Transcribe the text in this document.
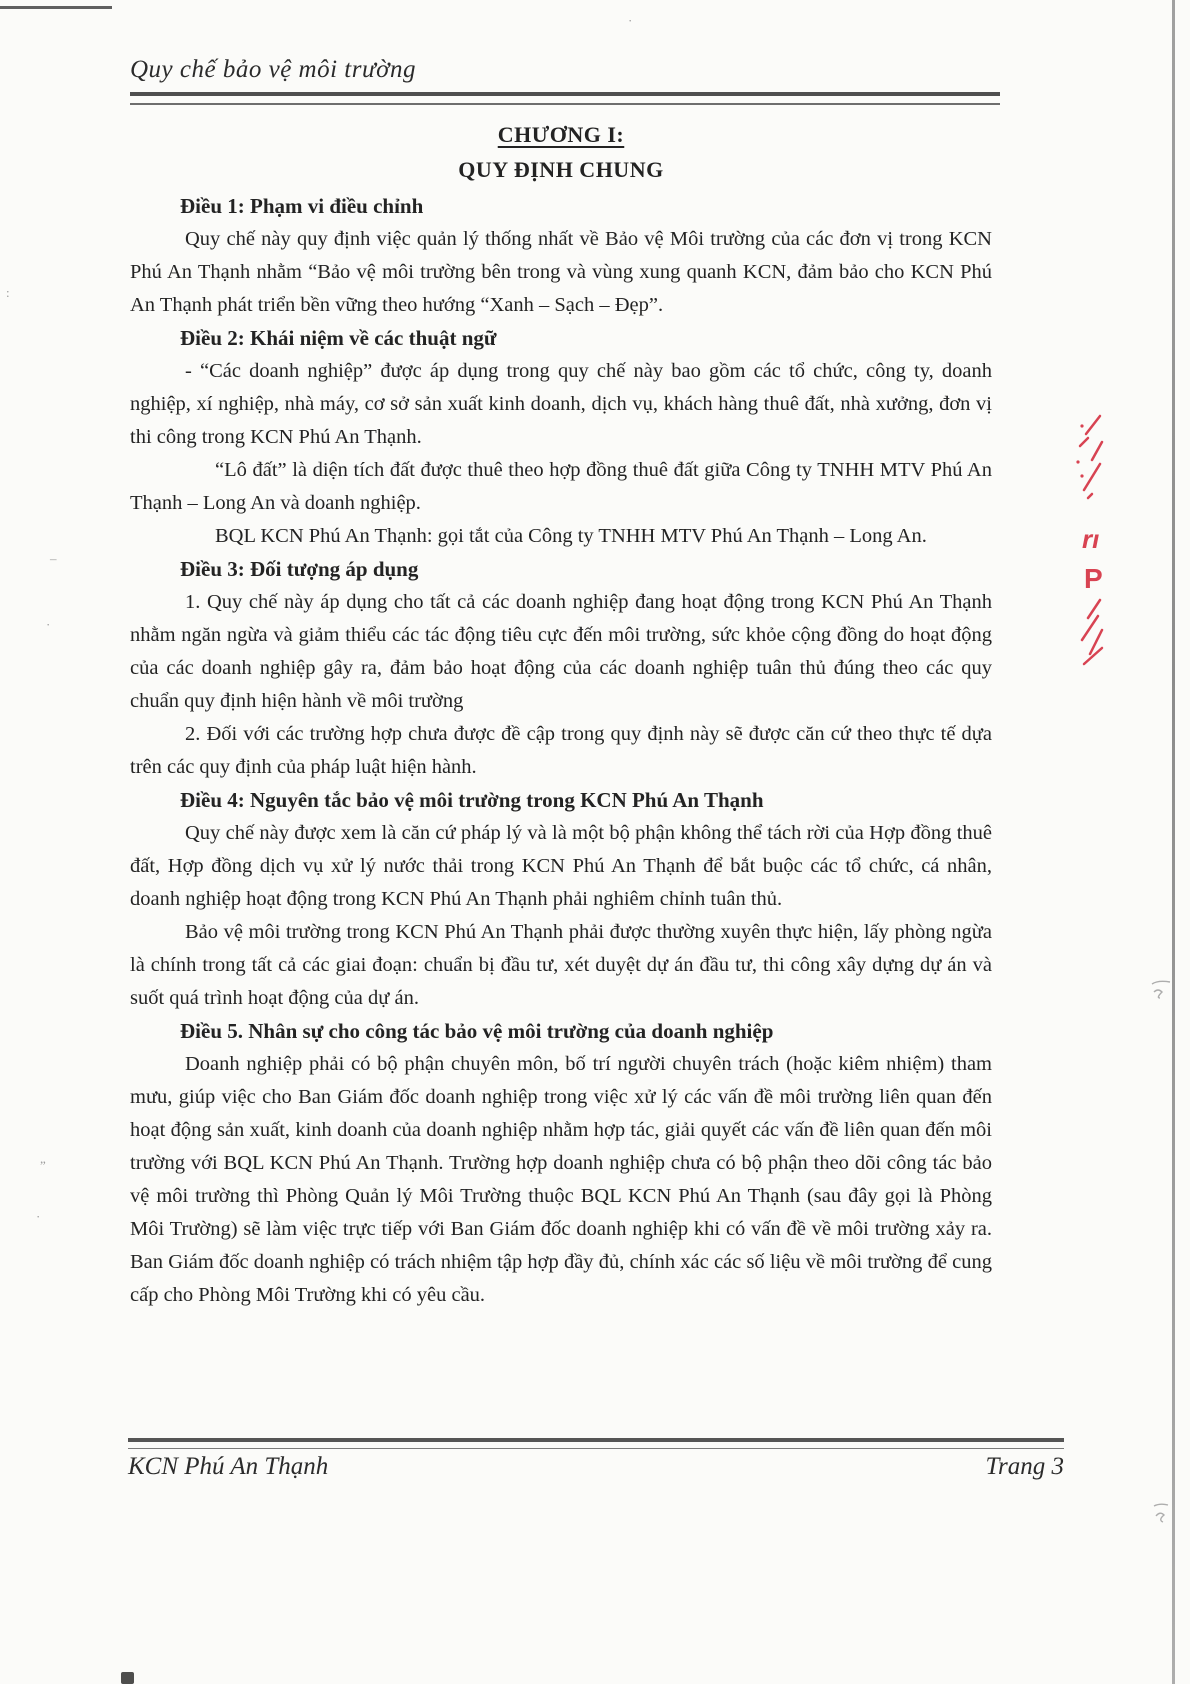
·
–
·
„
·
:
rı
P
Quy chế bảo vệ môi trường

CHƯƠNG I:

QUY ĐỊNH CHUNG

Điều 1: Phạm vi điều chỉnh

Quy chế này quy định việc quản lý thống nhất về Bảo vệ Môi trường của các đơn vị trong KCN Phú An Thạnh nhằm “Bảo vệ môi trường bên trong và vùng xung quanh KCN, đảm bảo cho KCN Phú An Thạnh phát triển bền vững theo hướng “Xanh – Sạch – Đẹp”.

Điều 2: Khái niệm về các thuật ngữ

- “Các doanh nghiệp” được áp dụng trong quy chế này bao gồm các tổ chức, công ty, doanh nghiệp, xí nghiệp, nhà máy, cơ sở sản xuất kinh doanh, dịch vụ, khách hàng thuê đất, nhà xưởng, đơn vị thi công trong KCN Phú An Thạnh.

“Lô đất” là diện tích đất được thuê theo hợp đồng thuê đất giữa Công ty TNHH MTV Phú An Thạnh – Long An và doanh nghiệp.

BQL KCN Phú An Thạnh: gọi tắt của Công ty TNHH MTV Phú An Thạnh – Long An.

Điều 3: Đối tượng áp dụng

1. Quy chế này áp dụng cho tất cả các doanh nghiệp đang hoạt động trong KCN Phú An Thạnh nhằm ngăn ngừa và giảm thiểu các tác động tiêu cực đến môi trường, sức khỏe cộng đồng do hoạt động của các doanh nghiệp gây ra, đảm bảo hoạt động của các doanh nghiệp tuân thủ đúng theo các quy chuẩn quy định hiện hành về môi trường

2. Đối với các trường hợp chưa được đề cập trong quy định này sẽ được căn cứ theo thực tế dựa trên các quy định của pháp luật hiện hành.

Điều 4: Nguyên tắc bảo vệ môi trường trong KCN Phú An Thạnh

Quy chế này được xem là căn cứ pháp lý và là một bộ phận không thể tách rời của Hợp đồng thuê đất, Hợp đồng dịch vụ xử lý nước thải trong KCN Phú An Thạnh để bắt buộc các tổ chức, cá nhân, doanh nghiệp hoạt động trong KCN Phú An Thạnh phải nghiêm chỉnh tuân thủ.

Bảo vệ môi trường trong KCN Phú An Thạnh phải được thường xuyên thực hiện, lấy phòng ngừa là chính trong tất cả các giai đoạn: chuẩn bị đầu tư, xét duyệt dự án đầu tư, thi công xây dựng dự án và suốt quá trình hoạt động của dự án.

Điều 5. Nhân sự cho công tác bảo vệ môi trường của doanh nghiệp

Doanh nghiệp phải có bộ phận chuyên môn, bố trí người chuyên trách (hoặc kiêm nhiệm) tham mưu, giúp việc cho Ban Giám đốc doanh nghiệp trong việc xử lý các vấn đề môi trường liên quan đến hoạt động sản xuất, kinh doanh của doanh nghiệp nhằm hợp tác, giải quyết các vấn đề liên quan đến môi trường với BQL KCN Phú An Thạnh. Trường hợp doanh nghiệp chưa có bộ phận theo dõi công tác bảo vệ môi trường thì Phòng Quản lý Môi Trường thuộc BQL KCN Phú An Thạnh (sau đây gọi là Phòng Môi Trường) sẽ làm việc trực tiếp với Ban Giám đốc doanh nghiệp khi có vấn đề về môi trường xảy ra. Ban Giám đốc doanh nghiệp có trách nhiệm tập hợp đầy đủ, chính xác các số liệu về môi trường để cung cấp cho Phòng Môi Trường khi có yêu cầu.

KCN Phú An Thạnh	Trang 3
